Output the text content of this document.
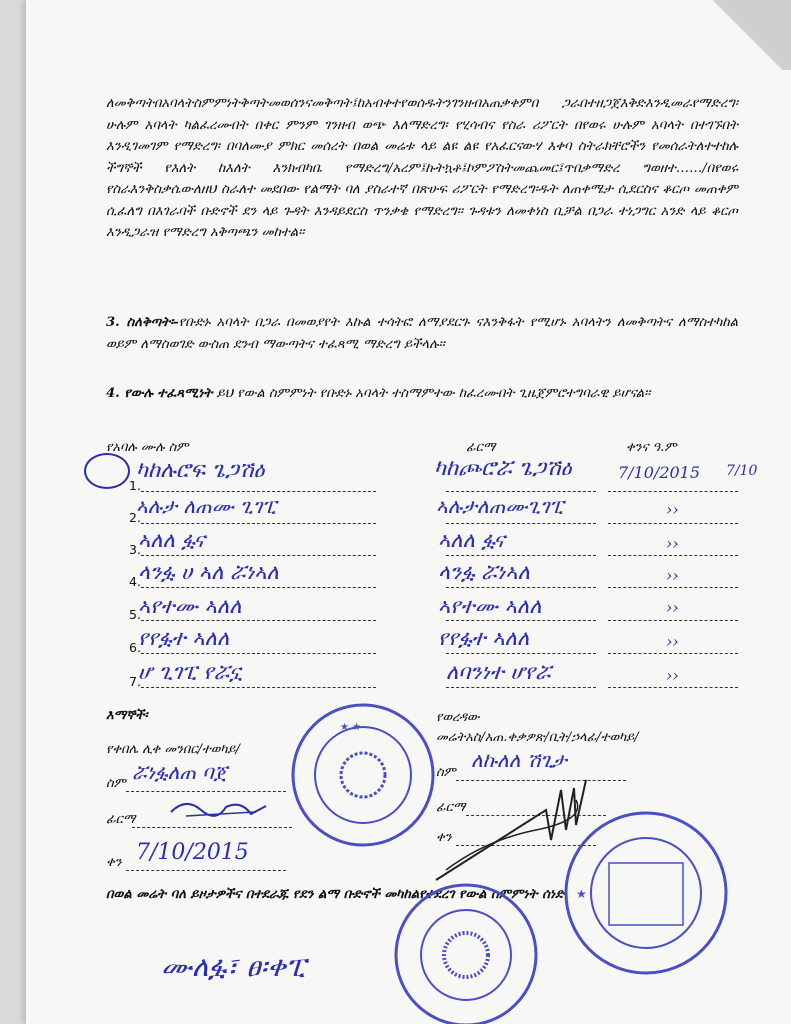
ለመቅጣትበአባላትስምምነትቅጣትመወሰንናመቅጣት፤ከአብቀተየወሰዱትንገንዘብአጠቃቀምበ ጋራበተዘጋጀእቅድእንዲመራየማድረግ፡ሁሉም አባላት ካልፈረሙበት በቀር ምንም ገንዘብ ወጭ እለማድረግ፡ የሂሳብና የስራ ሪፖርት በየወሩ ሁሉም አባላት በተገኙበት እንዲገመገም የማድረግ፡ በባለሙያ ምክር መሰረት በወል መሬቱ ላይ ልዩ ልዩ የአፈርናውሃ እቀባ ስትራክቸሮችን የመሰራትለተተከሉ ችግኞች የእለት ከእለት እንክብካቤ የማድረግ/አረም፤ኩትኳቶ፤ኮምፖስትመጨመር፤ጥበቃማድረ ግወዘተ……/በየወሩ የስራእንቅስቃሴውለዘህ ስራለተ መደበው የልማት ባለ ያስራተኛ በጽሁፍ ሪፖርት የማድረግ፡ዱት ለጠቀሜታ ሲደርስና ቆርጦ መጠቀም ሲፈለግ በእገራባች ቡድኖች ደን ላይ ጉዳት እንዳይደርስ ጥንቃቄ የማድረግ፡፡ ጉዳቱን ለመቀነስ ቢቻል በጋራ ተነጋግር አንድ ላይ ቆርጦ እንዲጋራዝ የማድረግ አቅጣጫን መከተል፡፡
3. ስለቅጣት፡-የቡድኑ አባላት በጋራ በመወያየት እኩል ተሳትፎ ለማያደርጉ ናእንቅፋት የሚሆኑ አባላትን ለመቅጣትና ለማስተካከል ወይም ለማስወገድ ውስጠ ደንብ ማውጣትና ተፈጻሚ ማድረግ ይችላሉ፡፡
4. የውሉ ተፈጻሚነት ይህ የውል ስምምነት የቡድኑ አባላት ተስማምተው ከፈረሙበት ጊዜጀምሮተግባራዊ ይሆናል፡፡
የአባሉ ሙሉ ስም	ፊርማ	ቀንና ዓ.ም
1.
ካከሉሮፍ ጌጋሽዕ	ካከጮሮሯ ጌጋሽዕ	7/10/2015 7/10
2.
ኣሉታ ለጠሙ ጊገፒ	ኣሉታለጠሙጊገፒ	››
3.
ኣለለ ፏና	ኣለለ ፏና	››
4.
ላንፏ ሀ ኣለ ሯነኣለ	ላንፏ ሯነኣለ	››
5.
ኣየተሙ ኣለለ	ኣየተሙ ኣለለ	››
6.
የየፏተ ኣለለ	የየፏተ ኣለለ	››
7.
ሆ ጊገፒ የሯኗ	ለባንነተ ሆየሯ	››
እማኞች፡
የቀበሌ ሊቀ መንበር/ተወካይ/
ስም ሯነፏለጠ ባጀ
ፊርማ
ቀን 7/10/2015
የወረዳው
መሬትአስ/አጠ.ቀቃዎጽ/ቢት/ኃላፊ/ተወካይ/
ስም
ለኩለለ ሽጊታ
ፊርማ
ቀን
በወል መሬት ባለ ይዞታዎችና በተደራጁ የደን ልማ ቡድኖች መካከልየተደረገ የውል ስምምነት ሰነድ
ሙለፏ፣ ፀ፡ቀፒ
★ ★
★
